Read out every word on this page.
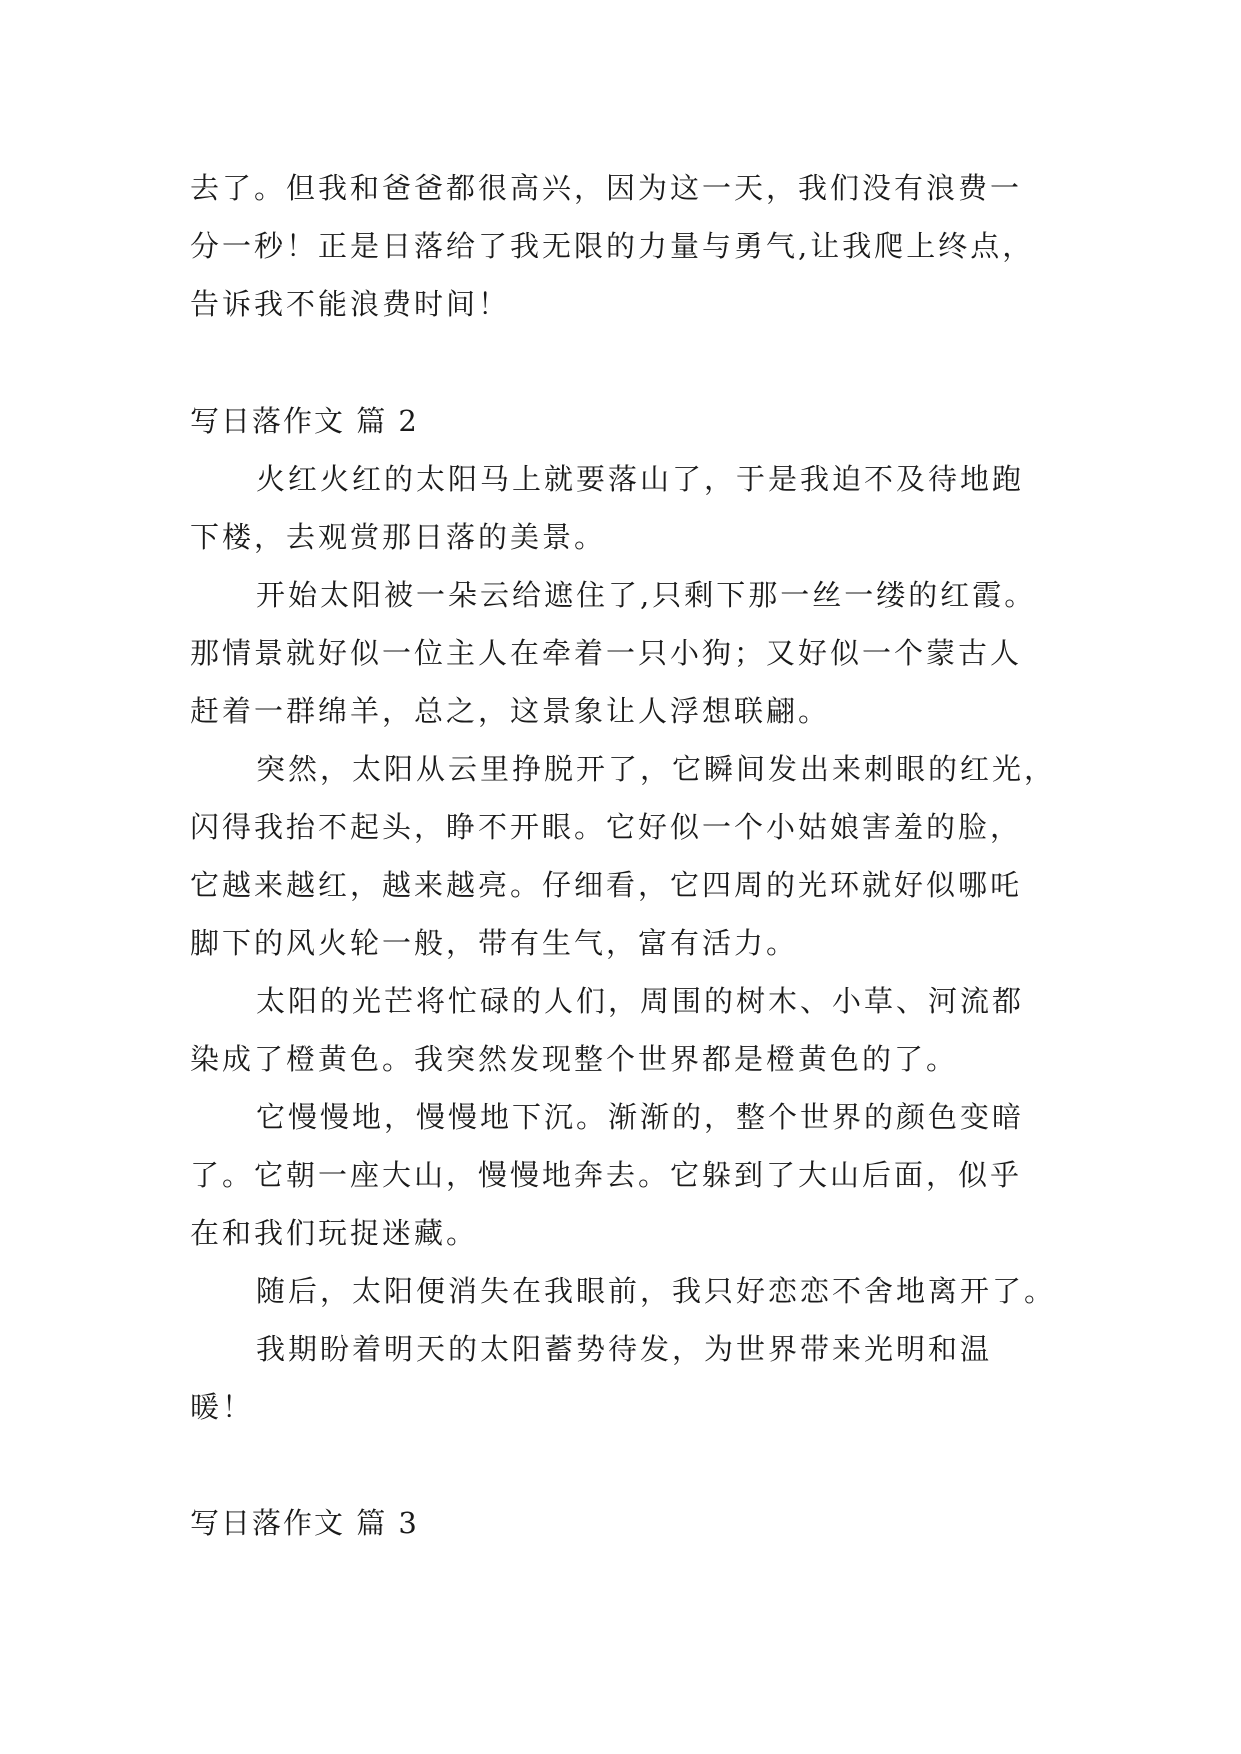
去了。但我和爸爸都很高兴，因为这一天，我们没有浪费一
分一秒！正是日落给了我无限的力量与勇气,让我爬上终点，
告诉我不能浪费时间！
写日落作文 篇 2
火红火红的太阳马上就要落山了，于是我迫不及待地跑
下楼，去观赏那日落的美景。
开始太阳被一朵云给遮住了,只剩下那一丝一缕的红霞。
那情景就好似一位主人在牵着一只小狗；又好似一个蒙古人
赶着一群绵羊，总之，这景象让人浮想联翩。
突然，太阳从云里挣脱开了，它瞬间发出来刺眼的红光，
闪得我抬不起头，睁不开眼。它好似一个小姑娘害羞的脸，
它越来越红，越来越亮。仔细看，它四周的光环就好似哪吒
脚下的风火轮一般，带有生气，富有活力。
太阳的光芒将忙碌的人们，周围的树木、小草、河流都
染成了橙黄色。我突然发现整个世界都是橙黄色的了。
它慢慢地，慢慢地下沉。渐渐的，整个世界的颜色变暗
了。它朝一座大山，慢慢地奔去。它躲到了大山后面，似乎
在和我们玩捉迷藏。
随后，太阳便消失在我眼前，我只好恋恋不舍地离开了。
我期盼着明天的太阳蓄势待发，为世界带来光明和温
暖！
写日落作文 篇 3
